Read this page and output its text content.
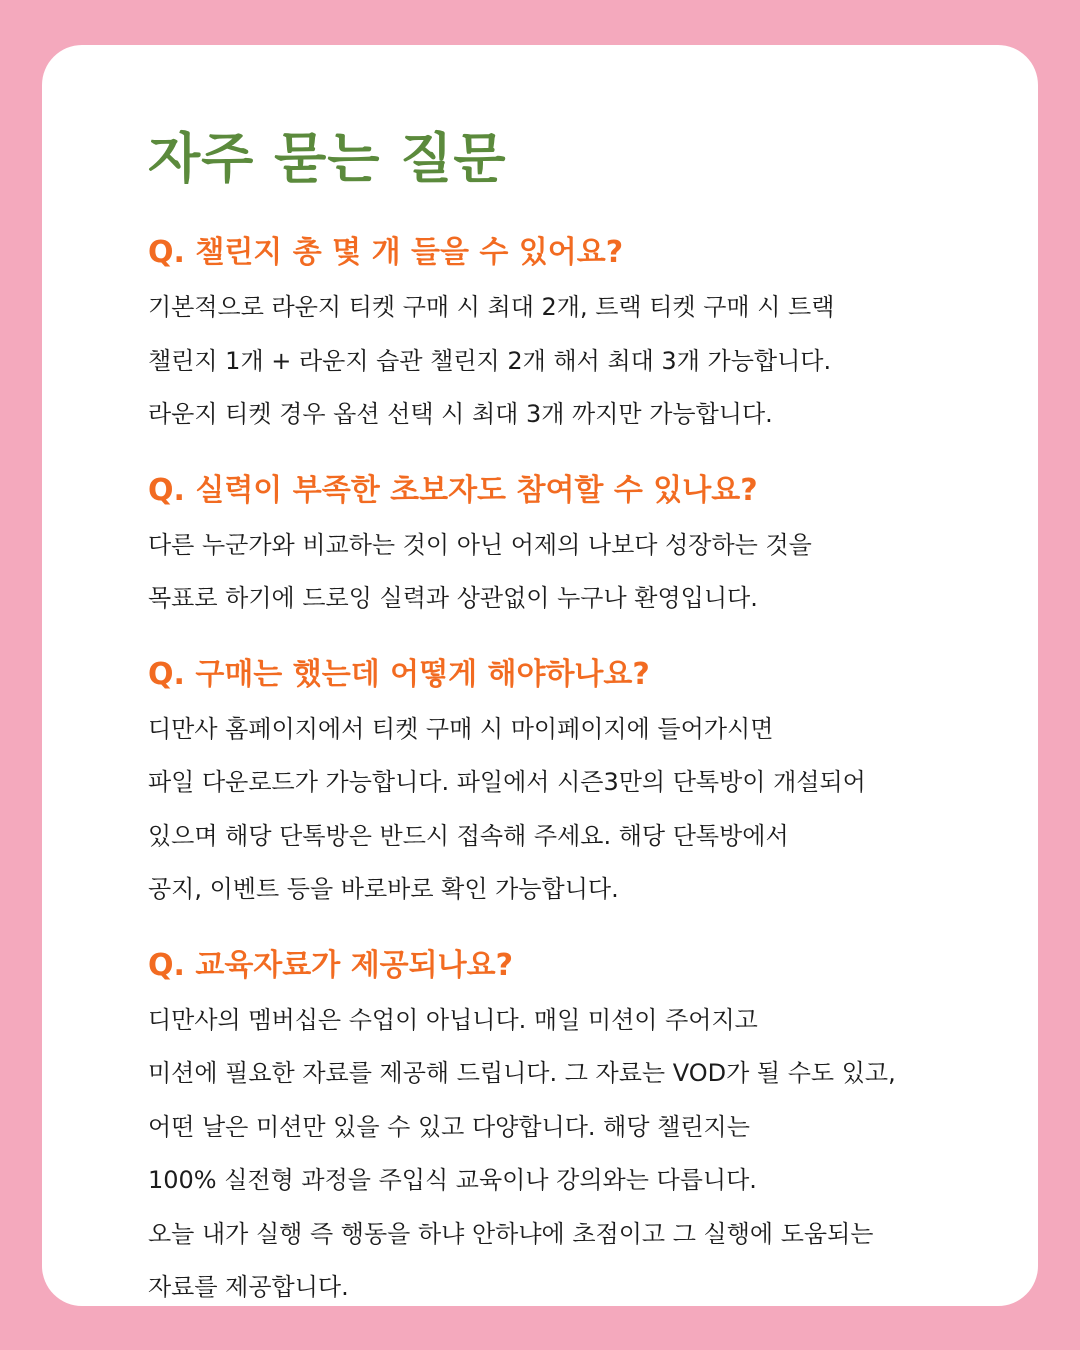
자주 묻는 질문

Q. 챌린지 총 몇 개 들을 수 있어요?

기본적으로 라운지 티켓 구매 시 최대 2개, 트랙 티켓 구매 시 트랙
챌린지 1개 + 라운지 습관 챌린지 2개 해서 최대 3개 가능합니다.
라운지 티켓 경우 옵션 선택 시 최대 3개 까지만 가능합니다.

Q. 실력이 부족한 초보자도 참여할 수 있나요?

다른 누군가와 비교하는 것이 아닌 어제의 나보다 성장하는 것을
목표로 하기에 드로잉 실력과 상관없이 누구나 환영입니다.

Q. 구매는 했는데 어떻게 해야하나요?

디만사 홈페이지에서 티켓 구매 시 마이페이지에 들어가시면
파일 다운로드가 가능합니다. 파일에서 시즌3만의 단톡방이 개설되어
있으며 해당 단톡방은 반드시 접속해 주세요. 해당 단톡방에서
공지, 이벤트 등을 바로바로 확인 가능합니다.

Q. 교육자료가 제공되나요?

디만사의 멤버십은 수업이 아닙니다. 매일 미션이 주어지고
미션에 필요한 자료를 제공해 드립니다. 그 자료는 VOD가 될 수도 있고,
어떤 날은 미션만 있을 수 있고 다양합니다. 해당 챌린지는
100% 실전형 과정을 주입식 교육이나 강의와는 다릅니다.
오늘 내가 실행 즉 행동을 하냐 안하냐에 초점이고 그 실행에 도움되는
자료를 제공합니다.
